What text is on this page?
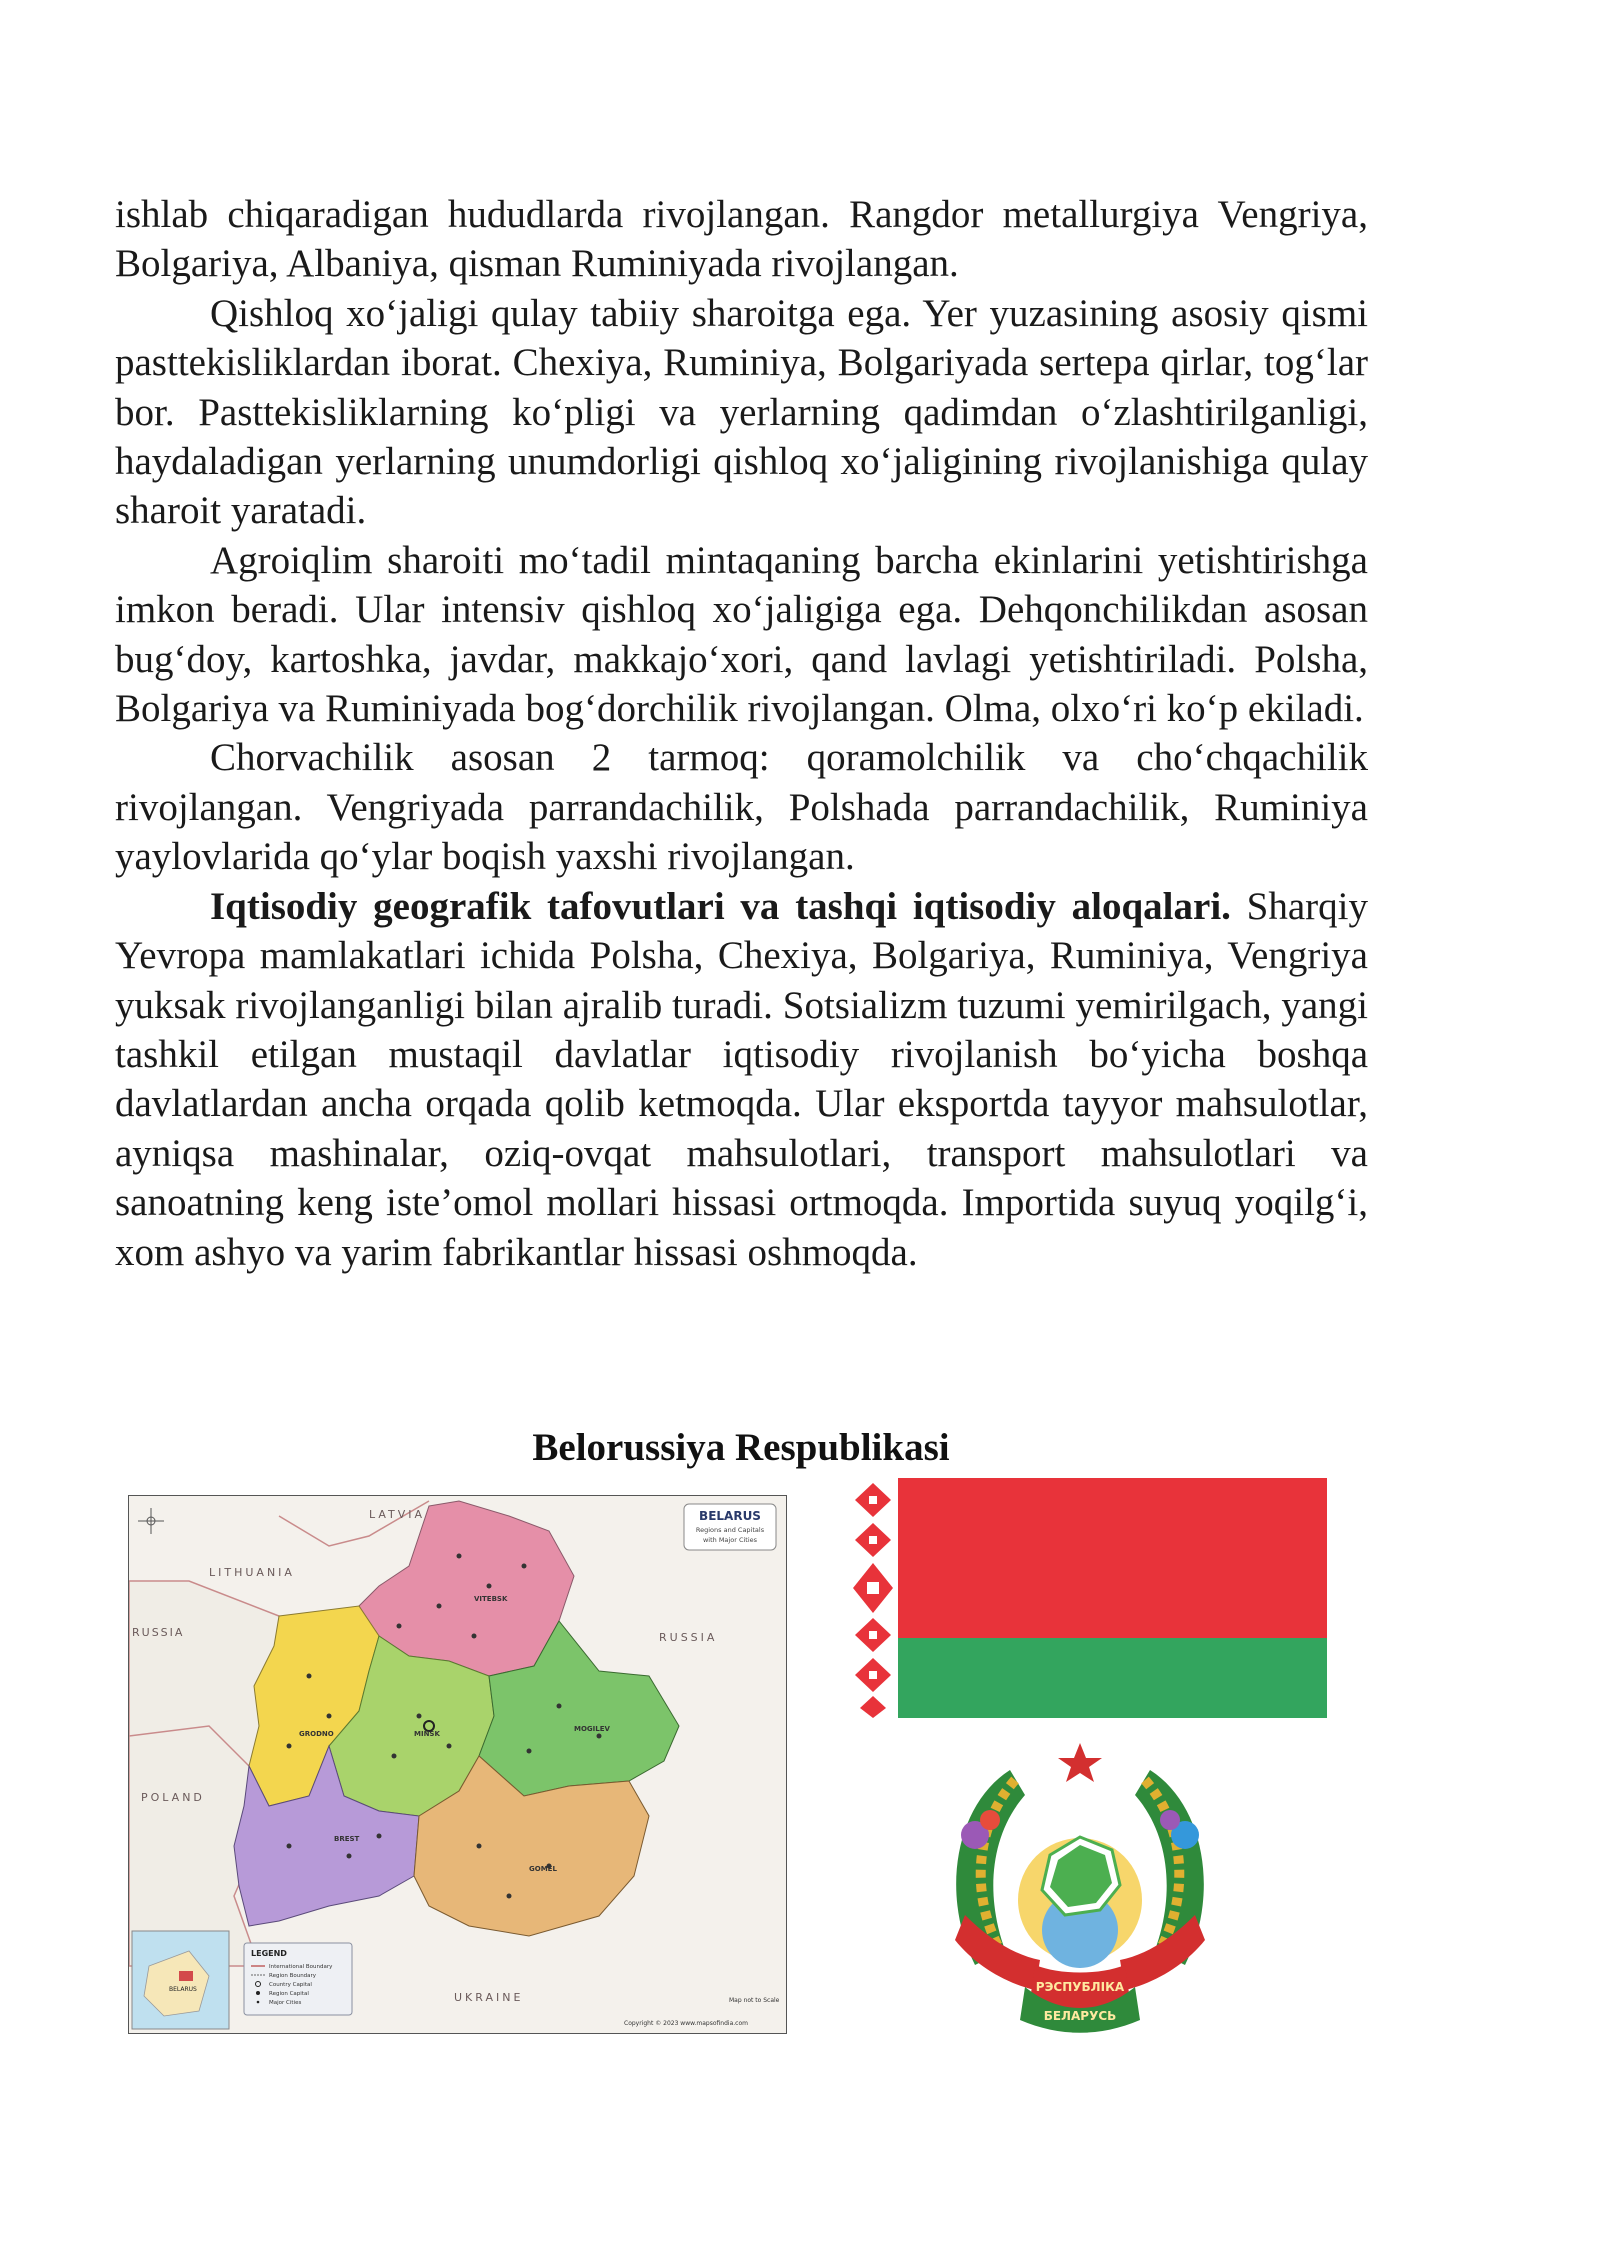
ishlab chiqaradigan hududlarda rivojlangan. Rangdor metallurgiya Vengriya, Bolgariya, Albaniya, qisman Ruminiyada rivojlangan.

Qishloq xo‘jaligi qulay tabiiy sharoitga ega. Yer yuzasining asosiy qismi pasttekisliklardan iborat. Chexiya, Ruminiya, Bolgariyada sertepa qirlar, tog‘lar bor. Pasttekisliklarning ko‘pligi va yerlarning qadimdan o‘zlashtirilganligi, haydaladigan yerlarning unumdorligi qishloq xo‘jaligining rivojlanishiga qulay sharoit yaratadi.

Agroiqlim sharoiti mo‘tadil mintaqaning barcha ekinlarini yetishtirishga imkon beradi. Ular intensiv qishloq xo‘jaligiga ega. Dehqonchilikdan asosan bug‘doy, kartoshka, javdar, makkajo‘xori, qand lavlagi yetishtiriladi. Polsha, Bolgariya va Ruminiyada bog‘dorchilik rivojlangan. Olma, olxo‘ri ko‘p ekiladi.

Chorvachilik asosan 2 tarmoq: qoramolchilik va cho‘chqachilik rivojlangan. Vengriyada parrandachilik, Polshada parrandachilik, Ruminiya yaylovlarida qo‘ylar boqish yaxshi rivojlangan.

Iqtisodiy geografik tafovutlari va tashqi iqtisodiy aloqalari. Sharqiy Yevropa mamlakatlari ichida Polsha, Chexiya, Bolgariya, Ruminiya, Vengriya yuksak rivojlanganligi bilan ajralib turadi. Sotsializm tuzumi yemirilgach, yangi tashkil etilgan mustaqil davlatlar iqtisodiy rivojlanish bo‘yicha boshqa davlatlardan ancha orqada qolib ketmoqda. Ular eksportda tayyor mahsulotlar, ayniqsa mashinalar, oziq-ovqat mahsulotlari, transport mahsulotlari va sanoatning keng iste’omol mollari hissasi ortmoqda. Importida suyuq yoqilg‘i, xom ashyo va yarim fabrikantlar hissasi oshmoqda.

Belorussiya Respublikasi
LATVIA
LITHUANIA
RUSSIA	RUSSIA
POLAND
UKRAINE
VITEBSK
GRODNO	MINSK
MOGILEV
BREST
GOMEL
BELARUS
Regions and Capitals
with Major Cities
BELARUS
LEGEND
International Boundary
Region Boundary
Country Capital
Region Capital
Major Cities	Map not to Scale
Copyright © 2023 www.mapsofindia.com
РЭСПУБЛІКА
БЕЛАРУСЬ
